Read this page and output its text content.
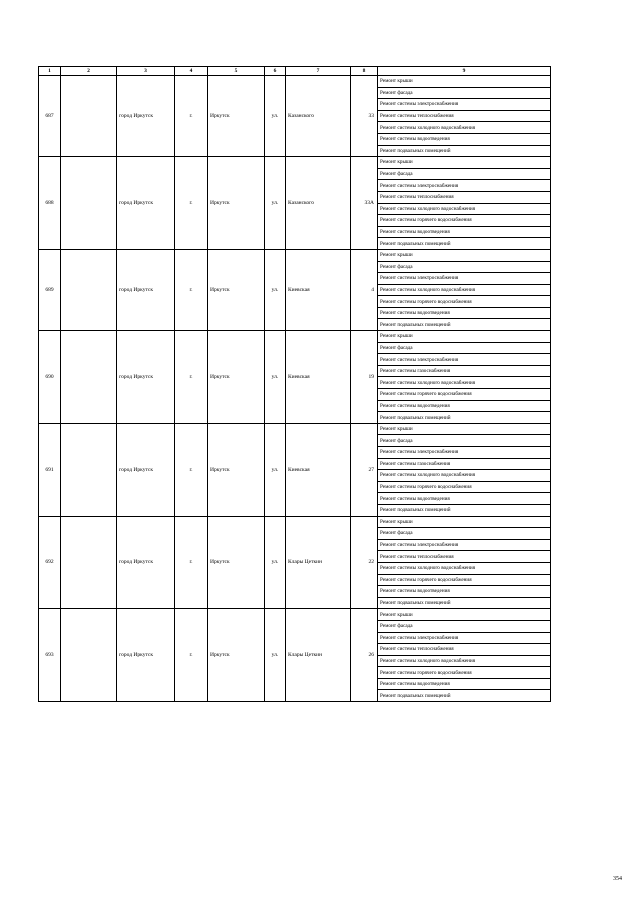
1	2	3	4	5	6	7	8	9
687		город Иркутск	г.	Иркутск	ул.	Казанского	33	Ремонт крыши
								Ремонт фасада
								Ремонт системы электроснабжения
								Ремонт системы теплоснабжения
								Ремонт системы холодного водоснабжения
								Ремонт системы водоотведения
								Ремонт подвальных помещений
688		город Иркутск	г.	Иркутск	ул.	Казанского	33А	Ремонт крыши
								Ремонт фасада
								Ремонт системы электроснабжения
								Ремонт системы теплоснабжения
								Ремонт системы холодного водоснабжения
								Ремонт системы горячего водоснабжения
								Ремонт системы водоотведения
								Ремонт подвальных помещений
689		город Иркутск	г.	Иркутск	ул.	Киевская	4	Ремонт крыши
								Ремонт фасада
								Ремонт системы электроснабжения
								Ремонт системы холодного водоснабжения
								Ремонт системы горячего водоснабжения
								Ремонт системы водоотведения
								Ремонт подвальных помещений
690		город Иркутск	г.	Иркутск	ул.	Киевская	19	Ремонт крыши
								Ремонт фасада
								Ремонт системы электроснабжения
								Ремонт системы газоснабжения
								Ремонт системы холодного водоснабжения
								Ремонт системы горячего водоснабжения
								Ремонт системы водоотведения
								Ремонт подвальных помещений
691		город Иркутск	г.	Иркутск	ул.	Киевская	27	Ремонт крыши
								Ремонт фасада
								Ремонт системы электроснабжения
								Ремонт системы газоснабжения
								Ремонт системы холодного водоснабжения
								Ремонт системы горячего водоснабжения
								Ремонт системы водоотведения
								Ремонт подвальных помещений
692		город Иркутск	г.	Иркутск	ул.	Клары Цеткин	22	Ремонт крыши
								Ремонт фасада
								Ремонт системы электроснабжения
								Ремонт системы теплоснабжения
								Ремонт системы холодного водоснабжения
								Ремонт системы горячего водоснабжения
								Ремонт системы водоотведения
								Ремонт подвальных помещений
693		город Иркутск	г.	Иркутск	ул.	Клары Цеткин	26	Ремонт крыши
								Ремонт фасада
								Ремонт системы электроснабжения
								Ремонт системы теплоснабжения
								Ремонт системы холодного водоснабжения
								Ремонт системы горячего водоснабжения
								Ремонт системы водоотведения
								Ремонт подвальных помещений
354
